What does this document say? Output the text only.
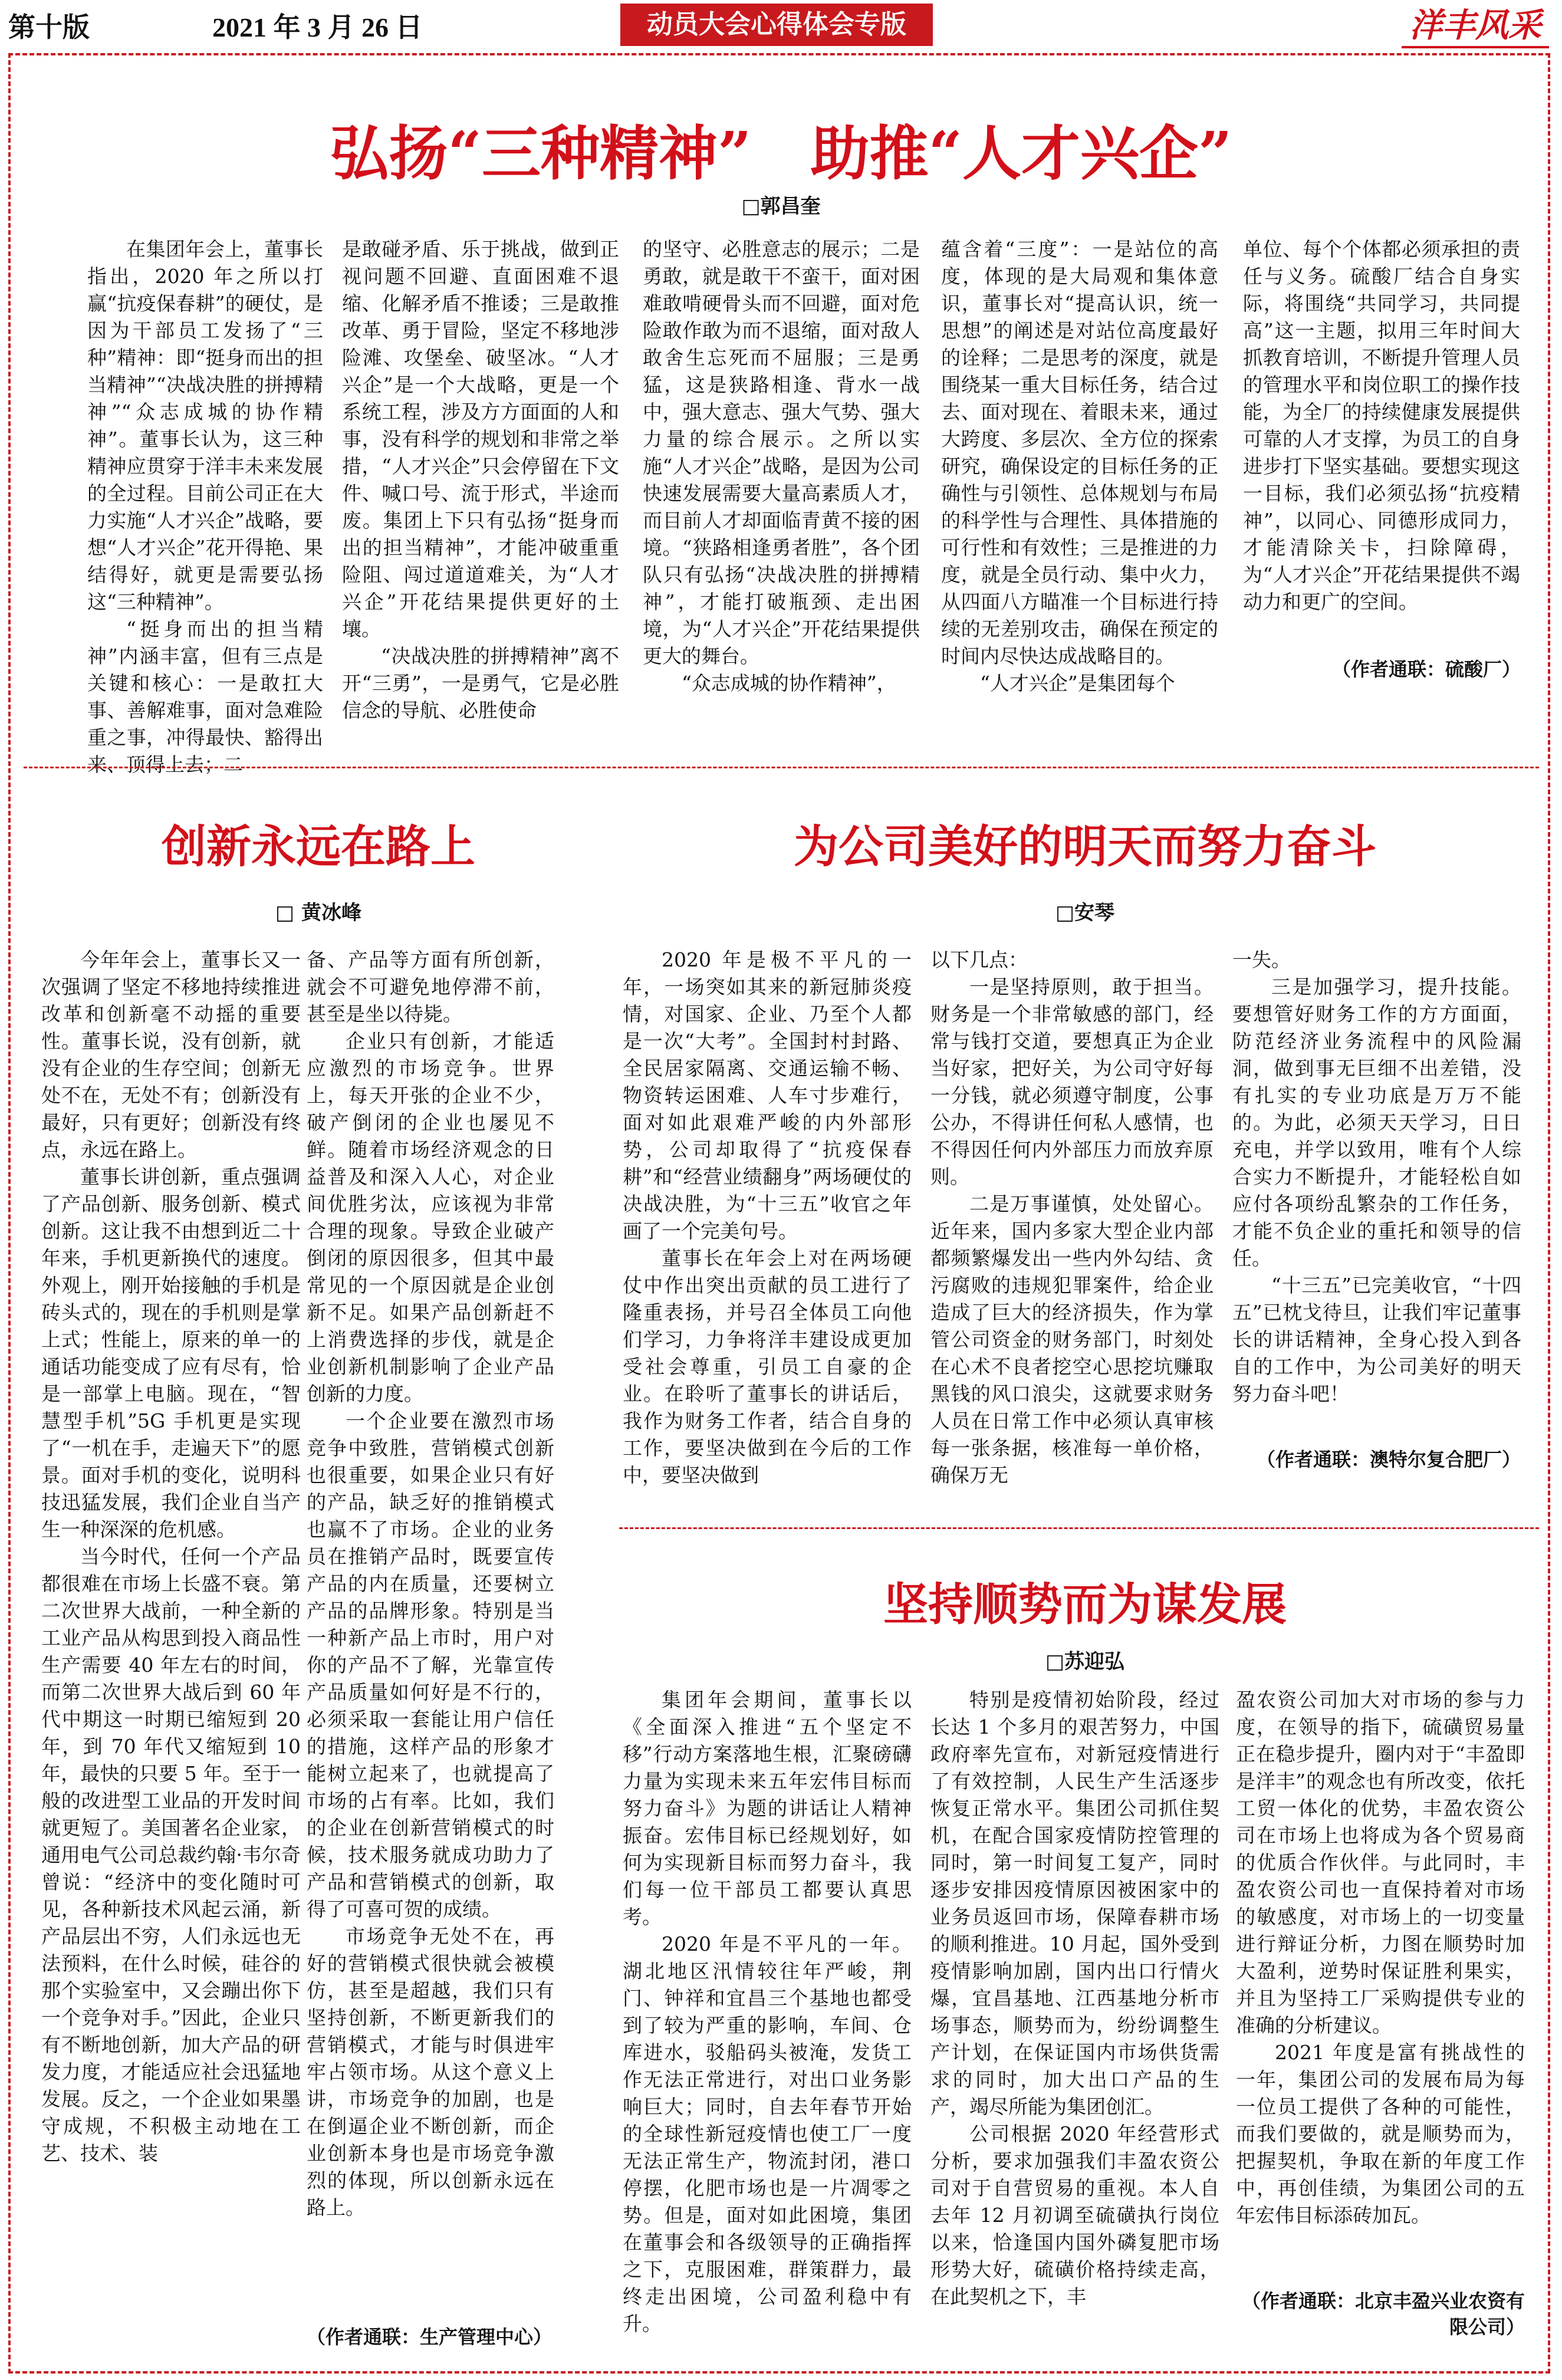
第十版	2021 年 3 月 26 日	动员大会心得体会专版	洋丰风采
弘扬“三种精神”　助推“人才兴企”
□郭昌奎

在集团年会上，董事长指出，2020 年之所以打赢“抗疫保春耕”的硬仗，是因为干部员工发扬了“三种”精神：即“挺身而出的担当精神”“决战决胜的拼搏精神”“众志成城的协作精神”。董事长认为，这三种精神应贯穿于洋丰未来发展的全过程。目前公司正在大力实施“人才兴企”战略，要想“人才兴企”花开得艳、果结得好，就更是需要弘扬这“三种精神”。

“挺身而出的担当精神”内涵丰富，但有三点是关键和核心：一是敢扛大事、善解难事，面对急难险重之事，冲得最快、豁得出来、顶得上去；二

是敢碰矛盾、乐于挑战，做到正视问题不回避、直面困难不退缩、化解矛盾不推诿；三是敢推改革、勇于冒险，坚定不移地涉险滩、攻堡垒、破坚冰。“人才兴企”是一个大战略，更是一个系统工程，涉及方方面面的人和事，没有科学的规划和非常之举措，“人才兴企”只会停留在下文件、喊口号、流于形式，半途而废。集团上下只有弘扬“挺身而出的担当精神”，才能冲破重重险阻、闯过道道难关，为“人才兴企”开花结果提供更好的土壤。

“决战决胜的拼搏精神”离不开“三勇”，一是勇气，它是必胜信念的导航、必胜使命

的坚守、必胜意志的展示；二是勇敢，就是敢干不蛮干，面对困难敢啃硬骨头而不回避，面对危险敢作敢为而不退缩，面对敌人敢舍生忘死而不屈服；三是勇猛，这是狭路相逢、背水一战中，强大意志、强大气势、强大力量的综合展示。之所以实施“人才兴企”战略，是因为公司快速发展需要大量高素质人才，而目前人才却面临青黄不接的困境。“狭路相逢勇者胜”，各个团队只有弘扬“决战决胜的拼搏精神”，才能打破瓶颈、走出困境，为“人才兴企”开花结果提供更大的舞台。

“众志成城的协作精神”，

蕴含着“三度”：一是站位的高度，体现的是大局观和集体意识，董事长对“提高认识，统一思想”的阐述是对站位高度最好的诠释；二是思考的深度，就是围绕某一重大目标任务，结合过去、面对现在、着眼未来，通过大跨度、多层次、全方位的探索研究，确保设定的目标任务的正确性与引领性、总体规划与布局的科学性与合理性、具体措施的可行性和有效性；三是推进的力度，就是全员行动、集中火力，从四面八方瞄准一个目标进行持续的无差别攻击，确保在预定的时间内尽快达成战略目的。

“人才兴企”是集团每个

单位、每个个体都必须承担的责任与义务。硫酸厂结合自身实际，将围绕“共同学习，共同提高”这一主题，拟用三年时间大抓教育培训，不断提升管理人员的管理水平和岗位职工的操作技能，为全厂的持续健康发展提供可靠的人才支撑，为员工的自身进步打下坚实基础。要想实现这一目标，我们必须弘扬“抗疫精神”，以同心、同德形成同力，才能清除关卡，扫除障碍，为“人才兴企”开花结果提供不竭动力和更广的空间。

（作者通联：硫酸厂）
创新永远在路上
□ 黄冰峰

今年年会上，董事长又一次强调了坚定不移地持续推进改革和创新毫不动摇的重要性。董事长说，没有创新，就没有企业的生存空间；创新无处不在，无处不有；创新没有最好，只有更好；创新没有终点，永远在路上。

董事长讲创新，重点强调了产品创新、服务创新、模式创新。这让我不由想到近二十年来，手机更新换代的速度。外观上，刚开始接触的手机是砖头式的，现在的手机则是掌上式；性能上，原来的单一的通话功能变成了应有尽有，恰是一部掌上电脑。现在，“智慧型手机”5G 手机更是实现了“一机在手，走遍天下”的愿景。面对手机的变化，说明科技迅猛发展，我们企业自当产生一种深深的危机感。

当今时代，任何一个产品都很难在市场上长盛不衰。第二次世界大战前，一种全新的工业产品从构思到投入商品性生产需要 40 年左右的时间，而第二次世界大战后到 60 年代中期这一时期已缩短到 20 年，到 70 年代又缩短到 10 年，最快的只要 5 年。至于一般的改进型工业品的开发时间就更短了。美国著名企业家，通用电气公司总裁约翰·韦尔奇曾说：“经济中的变化随时可见，各种新技术风起云涌，新产品层出不穷，人们永远也无法预料，在什么时候，硅谷的那个实验室中，又会蹦出你下一个竞争对手。”因此，企业只有不断地创新，加大产品的研发力度，才能适应社会迅猛地发展。反之，一个企业如果墨守成规，不积极主动地在工艺、技术、装

备、产品等方面有所创新，就会不可避免地停滞不前，甚至是坐以待毙。

企业只有创新，才能适应激烈的市场竞争。世界上，每天开张的企业不少，破产倒闭的企业也屡见不鲜。随着市场经济观念的日益普及和深入人心，对企业间优胜劣汰，应该视为非常合理的现象。导致企业破产倒闭的原因很多，但其中最常见的一个原因就是企业创新不足。如果产品创新赶不上消费选择的步伐，就是企业创新机制影响了企业产品创新的力度。

一个企业要在激烈市场竞争中致胜，营销模式创新也很重要，如果企业只有好的产品，缺乏好的推销模式也赢不了市场。企业的业务员在推销产品时，既要宣传产品的内在质量，还要树立产品的品牌形象。特别是当一种新产品上市时，用户对你的产品不了解，光靠宣传产品质量如何好是不行的，必须采取一套能让用户信任的措施，这样产品的形象才能树立起来了，也就提高了市场的占有率。比如，我们的企业在创新营销模式的时候，技术服务就成功助力了产品和营销模式的创新，取得了可喜可贺的成绩。

市场竞争无处不在，再好的营销模式很快就会被模仿，甚至是超越，我们只有坚持创新，不断更新我们的营销模式，才能与时俱进牢牢占领市场。从这个意义上讲，市场竞争的加剧，也是在倒逼企业不断创新，而企业创新本身也是市场竞争激烈的体现，所以创新永远在路上。

（作者通联：生产管理中心）
为公司美好的明天而努力奋斗
□安琴

2020 年是极不平凡的一年，一场突如其来的新冠肺炎疫情，对国家、企业、乃至个人都是一次“大考”。全国封村封路、全民居家隔离、交通运输不畅、物资转运困难、人车寸步难行，面对如此艰难严峻的内外部形势，公司却取得了“抗疫保春耕”和“经营业绩翻身”两场硬仗的决战决胜，为“十三五”收官之年画了一个完美句号。

董事长在年会上对在两场硬仗中作出突出贡献的员工进行了隆重表扬，并号召全体员工向他们学习，力争将洋丰建设成更加受社会尊重，引员工自豪的企业。在聆听了董事长的讲话后，我作为财务工作者，结合自身的工作，要坚决做到在今后的工作中，要坚决做到

以下几点：

一是坚持原则，敢于担当。财务是一个非常敏感的部门，经常与钱打交道，要想真正为企业当好家，把好关，为公司守好每一分钱，就必须遵守制度，公事公办，不得讲任何私人感情，也不得因任何内外部压力而放弃原则。

二是万事谨慎，处处留心。近年来，国内多家大型企业内部都频繁爆发出一些内外勾结、贪污腐败的违规犯罪案件，给企业造成了巨大的经济损失，作为掌管公司资金的财务部门，时刻处在心术不良者挖空心思挖坑赚取黑钱的风口浪尖，这就要求财务人员在日常工作中必须认真审核每一张条据，核准每一单价格，确保万无

一失。

三是加强学习，提升技能。要想管好财务工作的方方面面，防范经济业务流程中的风险漏洞，做到事无巨细不出差错，没有扎实的专业功底是万万不能的。为此，必须天天学习，日日充电，并学以致用，唯有个人综合实力不断提升，才能轻松自如应付各项纷乱繁杂的工作任务，才能不负企业的重托和领导的信任。

“十三五”已完美收官，“十四五”已枕戈待旦，让我们牢记董事长的讲话精神，全身心投入到各自的工作中，为公司美好的明天努力奋斗吧！

（作者通联：澳特尔复合肥厂）
坚持顺势而为谋发展
□苏迎弘

集团年会期间，董事长以《全面深入推进“五个坚定不移”行动方案落地生根，汇聚磅礴力量为实现未来五年宏伟目标而努力奋斗》为题的讲话让人精神振奋。宏伟目标已经规划好，如何为实现新目标而努力奋斗，我们每一位干部员工都要认真思考。

2020 年是不平凡的一年。湖北地区汛情较往年严峻，荆门、钟祥和宜昌三个基地也都受到了较为严重的影响，车间、仓库进水，驳船码头被淹，发货工作无法正常进行，对出口业务影响巨大；同时，自去年春节开始的全球性新冠疫情也使工厂一度无法正常生产，物流封闭，港口停摆，化肥市场也是一片凋零之势。但是，面对如此困境，集团在董事会和各级领导的正确指挥之下，克服困难，群策群力，最终走出困境，公司盈利稳中有升。

特别是疫情初始阶段，经过长达 1 个多月的艰苦努力，中国政府率先宣布，对新冠疫情进行了有效控制，人民生产生活逐步恢复正常水平。集团公司抓住契机，在配合国家疫情防控管理的同时，第一时间复工复产，同时逐步安排因疫情原因被困家中的业务员返回市场，保障春耕市场的顺利推进。10 月起，国外受到疫情影响加剧，国内出口行情火爆，宜昌基地、江西基地分析市场事态，顺势而为，纷纷调整生产计划，在保证国内市场供货需求的同时，加大出口产品的生产，竭尽所能为集团创汇。

公司根据 2020 年经营形式分析，要求加强我们丰盈农资公司对于自营贸易的重视。本人自去年 12 月初调至硫磺执行岗位以来，恰逢国内国外磷复肥市场形势大好，硫磺价格持续走高，在此契机之下，丰

盈农资公司加大对市场的参与力度，在领导的指下，硫磺贸易量正在稳步提升，圈内对于“丰盈即是洋丰”的观念也有所改变，依托工贸一体化的优势，丰盈农资公司在市场上也将成为各个贸易商的优质合作伙伴。与此同时，丰盈农资公司也一直保持着对市场的敏感度，对市场上的一切变量进行辩证分析，力图在顺势时加大盈利，逆势时保证胜利果实，并且为坚持工厂采购提供专业的准确的分析建议。

2021 年度是富有挑战性的一年，集团公司的发展布局为每一位员工提供了各种的可能性，而我们要做的，就是顺势而为，把握契机，争取在新的年度工作中，再创佳绩，为集团公司的五年宏伟目标添砖加瓦。

（作者通联：北京丰盈兴业农资有限公司）
